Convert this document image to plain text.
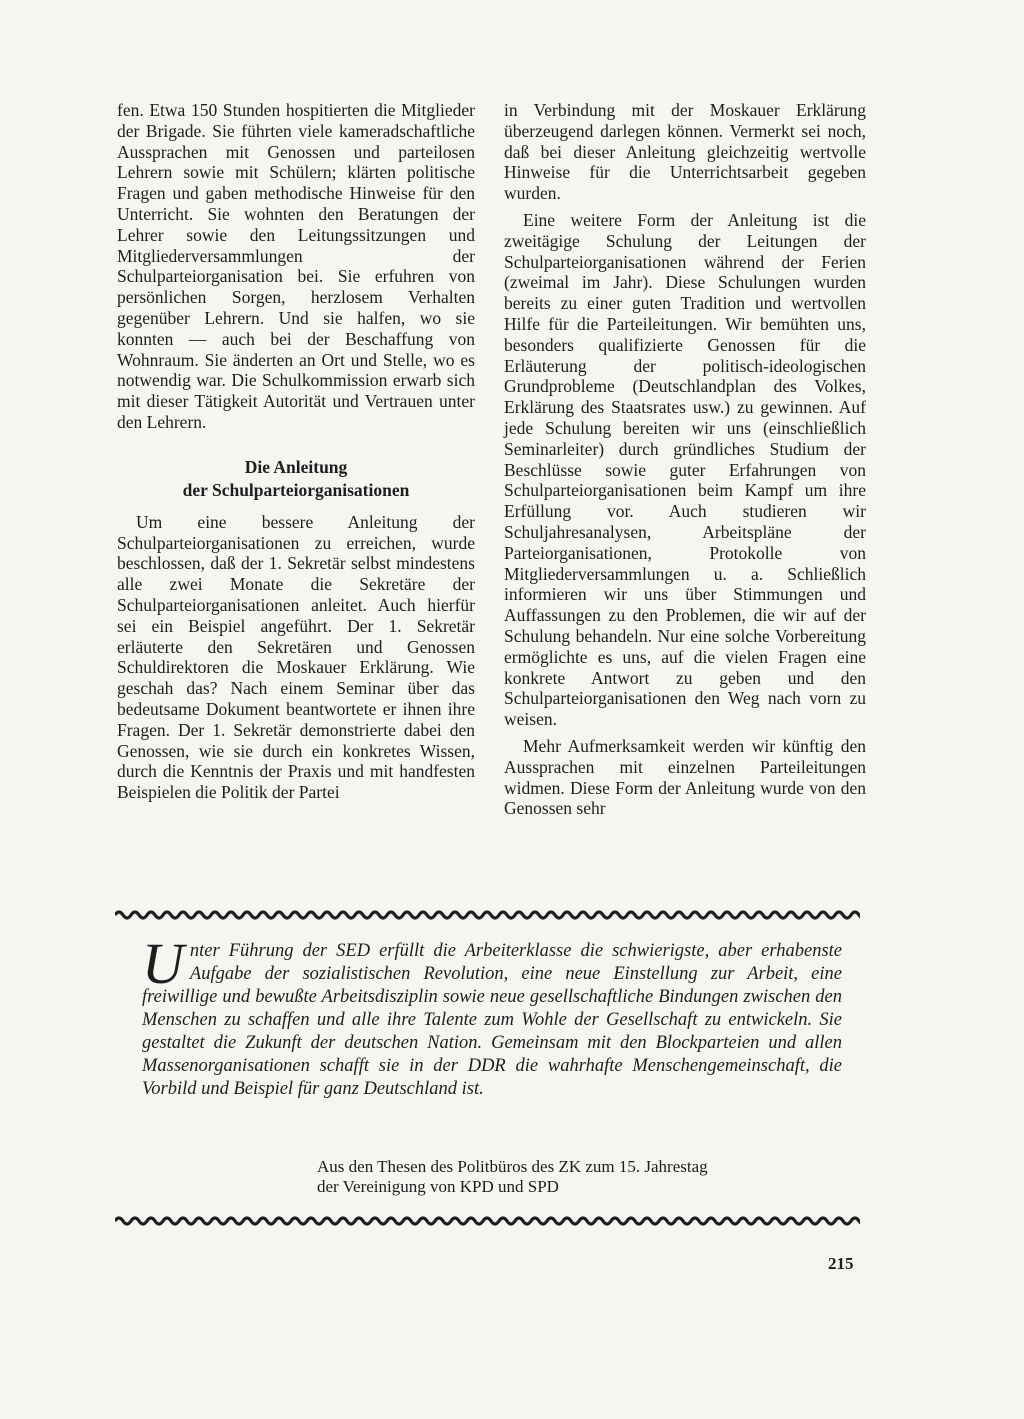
fen. Etwa 150 Stunden hospitierten die Mitglieder der Brigade. Sie führten viele kameradschaftliche Aussprachen mit Genossen und parteilosen Lehrern sowie mit Schülern; klärten politische Fragen und gaben methodische Hinweise für den Unterricht. Sie wohnten den Beratungen der Lehrer sowie den Leitungssitzungen und Mitgliederversammlungen der Schulparteiorganisation bei. Sie erfuhren von persönlichen Sorgen, herzlosem Verhalten gegenüber Lehrern. Und sie halfen, wo sie konnten — auch bei der Beschaffung von Wohnraum. Sie änderten an Ort und Stelle, wo es notwendig war. Die Schulkommission erwarb sich mit dieser Tätigkeit Autorität und Vertrauen unter den Lehrern.

Die Anleitung
der Schulparteiorganisationen

Um eine bessere Anleitung der Schulparteiorganisationen zu erreichen, wurde beschlossen, daß der 1. Sekretär selbst mindestens alle zwei Monate die Sekretäre der Schulparteiorganisationen anleitet. Auch hierfür sei ein Beispiel angeführt. Der 1. Sekretär erläuterte den Sekretären und Genossen Schuldirektoren die Moskauer Erklärung. Wie geschah das? Nach einem Seminar über das bedeutsame Dokument beantwortete er ihnen ihre Fragen. Der 1. Sekretär demonstrierte dabei den Genossen, wie sie durch ein konkretes Wissen, durch die Kenntnis der Praxis und mit handfesten Beispielen die Politik der Partei

in Verbindung mit der Moskauer Erklärung überzeugend darlegen können. Vermerkt sei noch, daß bei dieser Anleitung gleichzeitig wertvolle Hinweise für die Unterrichtsarbeit gegeben wurden.

Eine weitere Form der Anleitung ist die zweitägige Schulung der Leitungen der Schulparteiorganisationen während der Ferien (zweimal im Jahr). Diese Schulungen wurden bereits zu einer guten Tradition und wertvollen Hilfe für die Parteileitungen. Wir bemühten uns, besonders qualifizierte Genossen für die Erläuterung der politisch-ideologischen Grundprobleme (Deutschlandplan des Volkes, Erklärung des Staatsrates usw.) zu gewinnen. Auf jede Schulung bereiten wir uns (einschließlich Seminarleiter) durch gründliches Studium der Beschlüsse sowie guter Erfahrungen von Schulparteiorganisationen beim Kampf um ihre Erfüllung vor. Auch studieren wir Schuljahresanalysen, Arbeitspläne der Parteiorganisationen, Protokolle von Mitgliederversammlungen u. a. Schließlich informieren wir uns über Stimmungen und Auffassungen zu den Problemen, die wir auf der Schulung behandeln. Nur eine solche Vorbereitung ermöglichte es uns, auf die vielen Fragen eine konkrete Antwort zu geben und den Schulparteiorganisationen den Weg nach vorn zu weisen.

Mehr Aufmerksamkeit werden wir künftig den Aussprachen mit einzelnen Parteileitungen widmen. Diese Form der Anleitung wurde von den Genossen sehr

Unter Führung der SED erfüllt die Arbeiterklasse die schwierigste, aber erhabenste Aufgabe der sozialistischen Revolution, eine neue Einstellung zur Arbeit, eine freiwillige und bewußte Arbeitsdisziplin sowie neue gesellschaftliche Bindungen zwischen den Menschen zu schaffen und alle ihre Talente zum Wohle der Gesellschaft zu entwickeln. Sie gestaltet die Zukunft der deutschen Nation. Gemeinsam mit den Blockparteien und allen Massenorganisationen schafft sie in der DDR die wahrhafte Menschengemeinschaft, die Vorbild und Beispiel für ganz Deutschland ist.
Aus den Thesen des Politbüros des ZK zum 15. Jahrestag
der Vereinigung von KPD und SPD
215
